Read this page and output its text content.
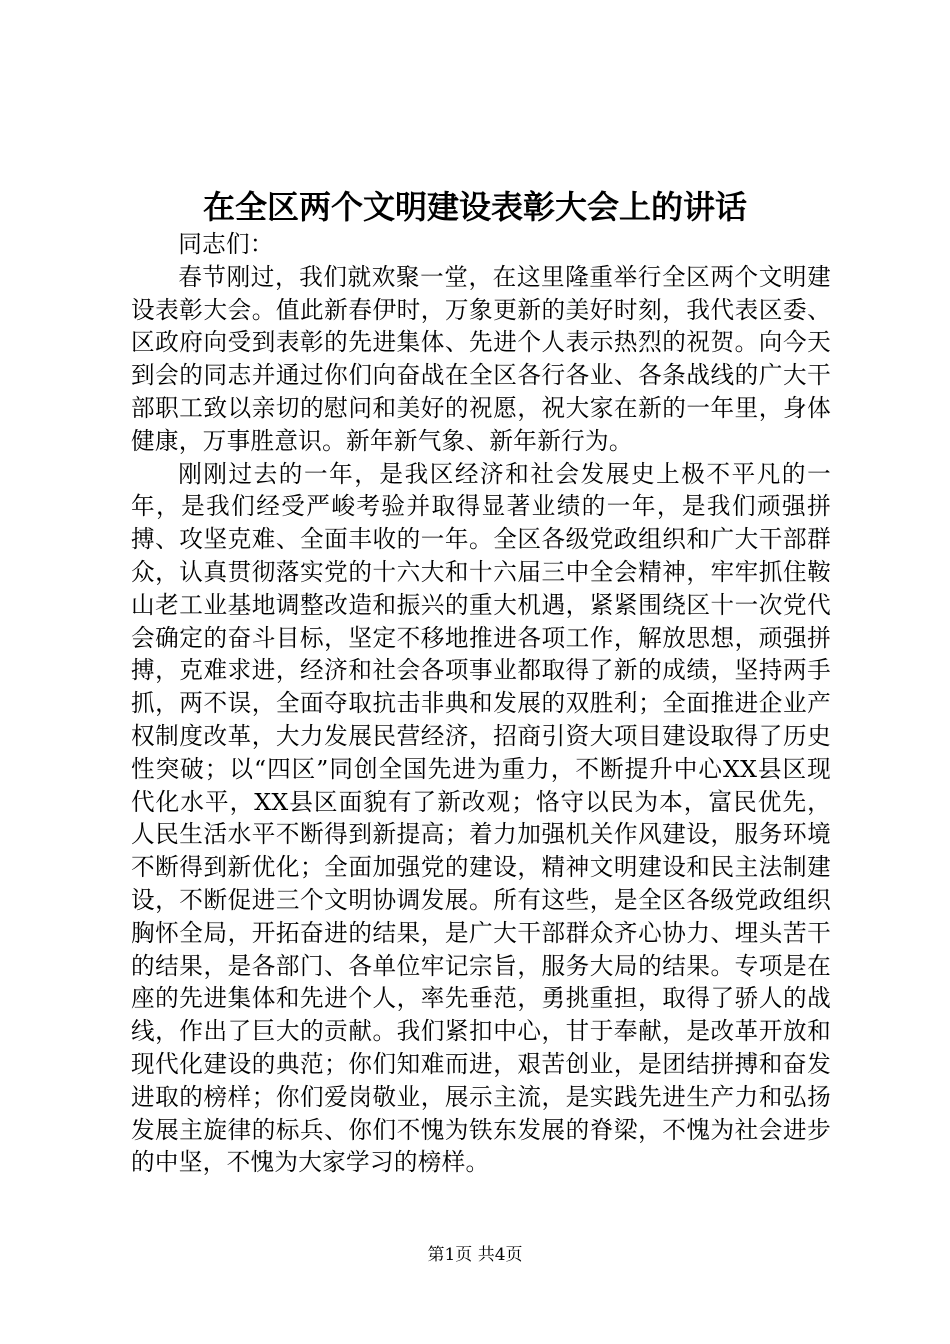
在全区两个文明建设表彰大会上的讲话

同志们：

春节刚过，我们就欢聚一堂，在这里隆重举行全区两个文明建设表彰大会。值此新春伊时，万象更新的美好时刻，我代表区委、区政府向受到表彰的先进集体、先进个人表示热烈的祝贺。向今天到会的同志并通过你们向奋战在全区各行各业、各条战线的广大干部职工致以亲切的慰问和美好的祝愿，祝大家在新的一年里，身体健康，万事胜意识。新年新气象、新年新行为。

刚刚过去的一年，是我区经济和社会发展史上极不平凡的一年，是我们经受严峻考验并取得显著业绩的一年，是我们顽强拼搏、攻坚克难、全面丰收的一年。全区各级党政组织和广大干部群众，认真贯彻落实党的十六大和十六届三中全会精神，牢牢抓住鞍山老工业基地调整改造和振兴的重大机遇，紧紧围绕区十一次党代会确定的奋斗目标，坚定不移地推进各项工作，解放思想，顽强拼搏，克难求进，经济和社会各项事业都取得了新的成绩，坚持两手抓，两不误，全面夺取抗击非典和发展的双胜利；全面推进企业产权制度改革，大力发展民营经济，招商引资大项目建设取得了历史性突破；以“四区”同创全国先进为重力，不断提升中心XX县区现代化水平，XX县区面貌有了新改观；恪守以民为本，富民优先，人民生活水平不断得到新提高；着力加强机关作风建设，服务环境不断得到新优化；全面加强党的建设，精神文明建设和民主法制建设，不断促进三个文明协调发展。所有这些，是全区各级党政组织胸怀全局，开拓奋进的结果，是广大干部群众齐心协力、埋头苦干的结果，是各部门、各单位牢记宗旨，服务大局的结果。专项是在座的先进集体和先进个人，率先垂范，勇挑重担，取得了骄人的战线，作出了巨大的贡献。我们紧扣中心，甘于奉献，是改革开放和现代化建设的典范；你们知难而进，艰苦创业，是团结拼搏和奋发进取的榜样；你们爱岗敬业，展示主流，是实践先进生产力和弘扬发展主旋律的标兵、你们不愧为铁东发展的脊梁，不愧为社会进步的中坚，不愧为大家学习的榜样。

第1页 共4页
